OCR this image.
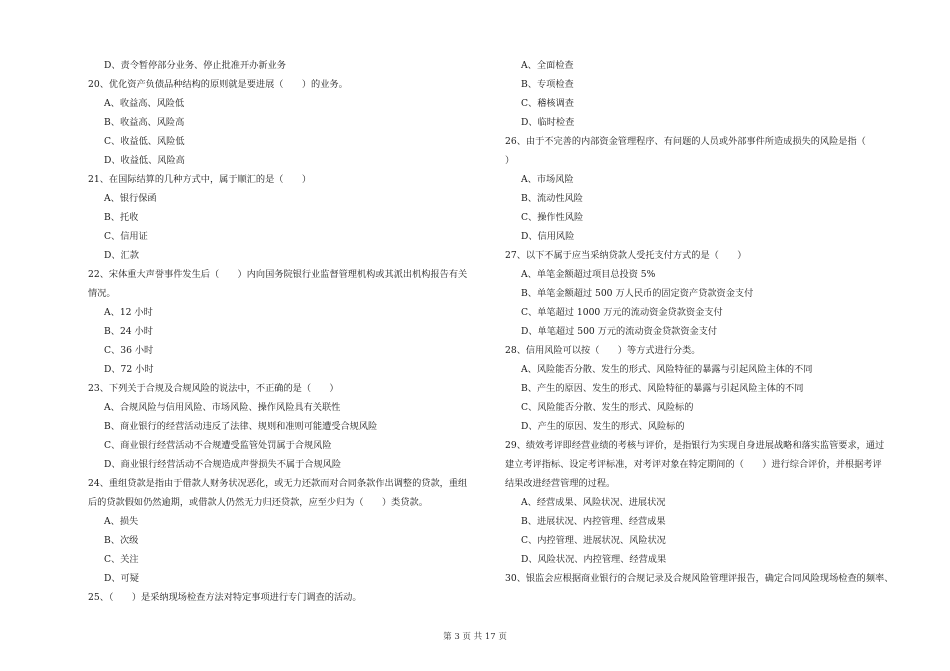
D、责令暂停部分业务、停止批准开办新业务
20、优化资产负债品种结构的原则就是要进展（　　）的业务。
A、收益高、风险低
B、收益高、风险高
C、收益低、风险低
D、收益低、风险高
21、在国际结算的几种方式中，属于顺汇的是（　　）
A、银行保函
B、托收
C、信用证
D、汇款
22、宋体重大声誉事件发生后（　　）内向国务院银行业监督管理机构或其派出机构报告有关
情况。
A、12 小时
B、24 小时
C、36 小时
D、72 小时
23、下列关于合规及合规风险的说法中，不正确的是（　　）
A、合规风险与信用风险、市场风险、操作风险具有关联性
B、商业银行的经营活动违反了法律、规则和准则可能遭受合规风险
C、商业银行经营活动不合规遭受监管处罚属于合规风险
D、商业银行经营活动不合规造成声誉损失不属于合规风险
24、重组贷款是指由于借款人财务状况恶化，或无力还款而对合同条款作出调整的贷款，重组
后的贷款假如仍然逾期，或借款人仍然无力归还贷款，应至少归为（　　）类贷款。
A、损失
B、次级
C、关注
D、可疑
25、（　　）是采纳现场检查方法对特定事项进行专门调查的活动。
A、全面检查
B、专项检查
C、稽核调查
D、临时检查
26、由于不完善的内部资金管理程序、有问题的人员或外部事件所造成损失的风险是指（
）
A、市场风险
B、流动性风险
C、操作性风险
D、信用风险
27、以下不属于应当采纳贷款人受托支付方式的是（　　）
A、单笔金额超过项目总投资 5%
B、单笔金额超过 500 万人民币的固定资产贷款资金支付
C、单笔超过 1000 万元的流动资金贷款资金支付
D、单笔超过 500 万元的流动资金贷款资金支付
28、信用风险可以按（　　）等方式进行分类。
A、风险能否分散、发生的形式、风险特征的暴露与引起风险主体的不同
B、产生的原因、发生的形式、风险特征的暴露与引起风险主体的不同
C、风险能否分散、发生的形式、风险标的
D、产生的原因、发生的形式、风险标的
29、绩效考评即经营业绩的考核与评价，是指银行为实现自身进展战略和落实监管要求，通过
建立考评指标、设定考评标准，对考评对象在特定期间的（　　）进行综合评价，并根据考评
结果改进经营管理的过程。
A、经营成果、风险状况、进展状况
B、进展状况、内控管理、经营成果
C、内控管理、进展状况、风险状况
D、风险状况、内控管理、经营成果
30、银监会应根据商业银行的合规记录及合规风险管理评报告，确定合同风险现场检查的频率、
第 3 页 共 17 页
